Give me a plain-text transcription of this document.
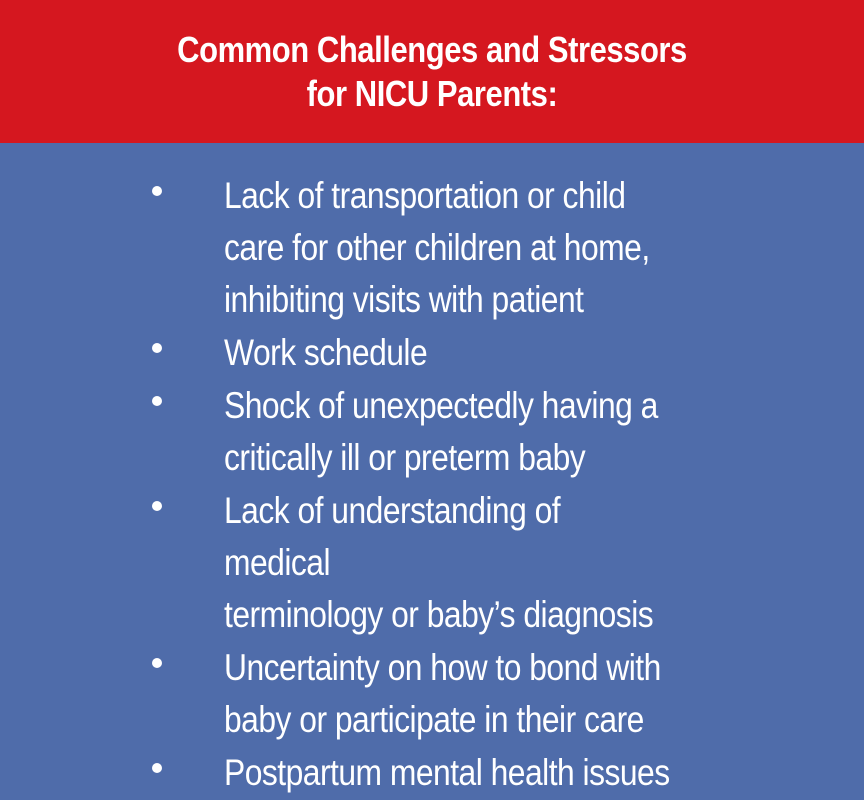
Common Challenges and Stressors
for NICU Parents:
Lack of transportation or child
care for other children at home,
inhibiting visits with patient
Work schedule
Shock of unexpectedly having a
critically ill or preterm baby
Lack of understanding of medical
terminology or baby’s diagnosis
Uncertainty on how to bond with
baby or participate in their care
Postpartum mental health issues
